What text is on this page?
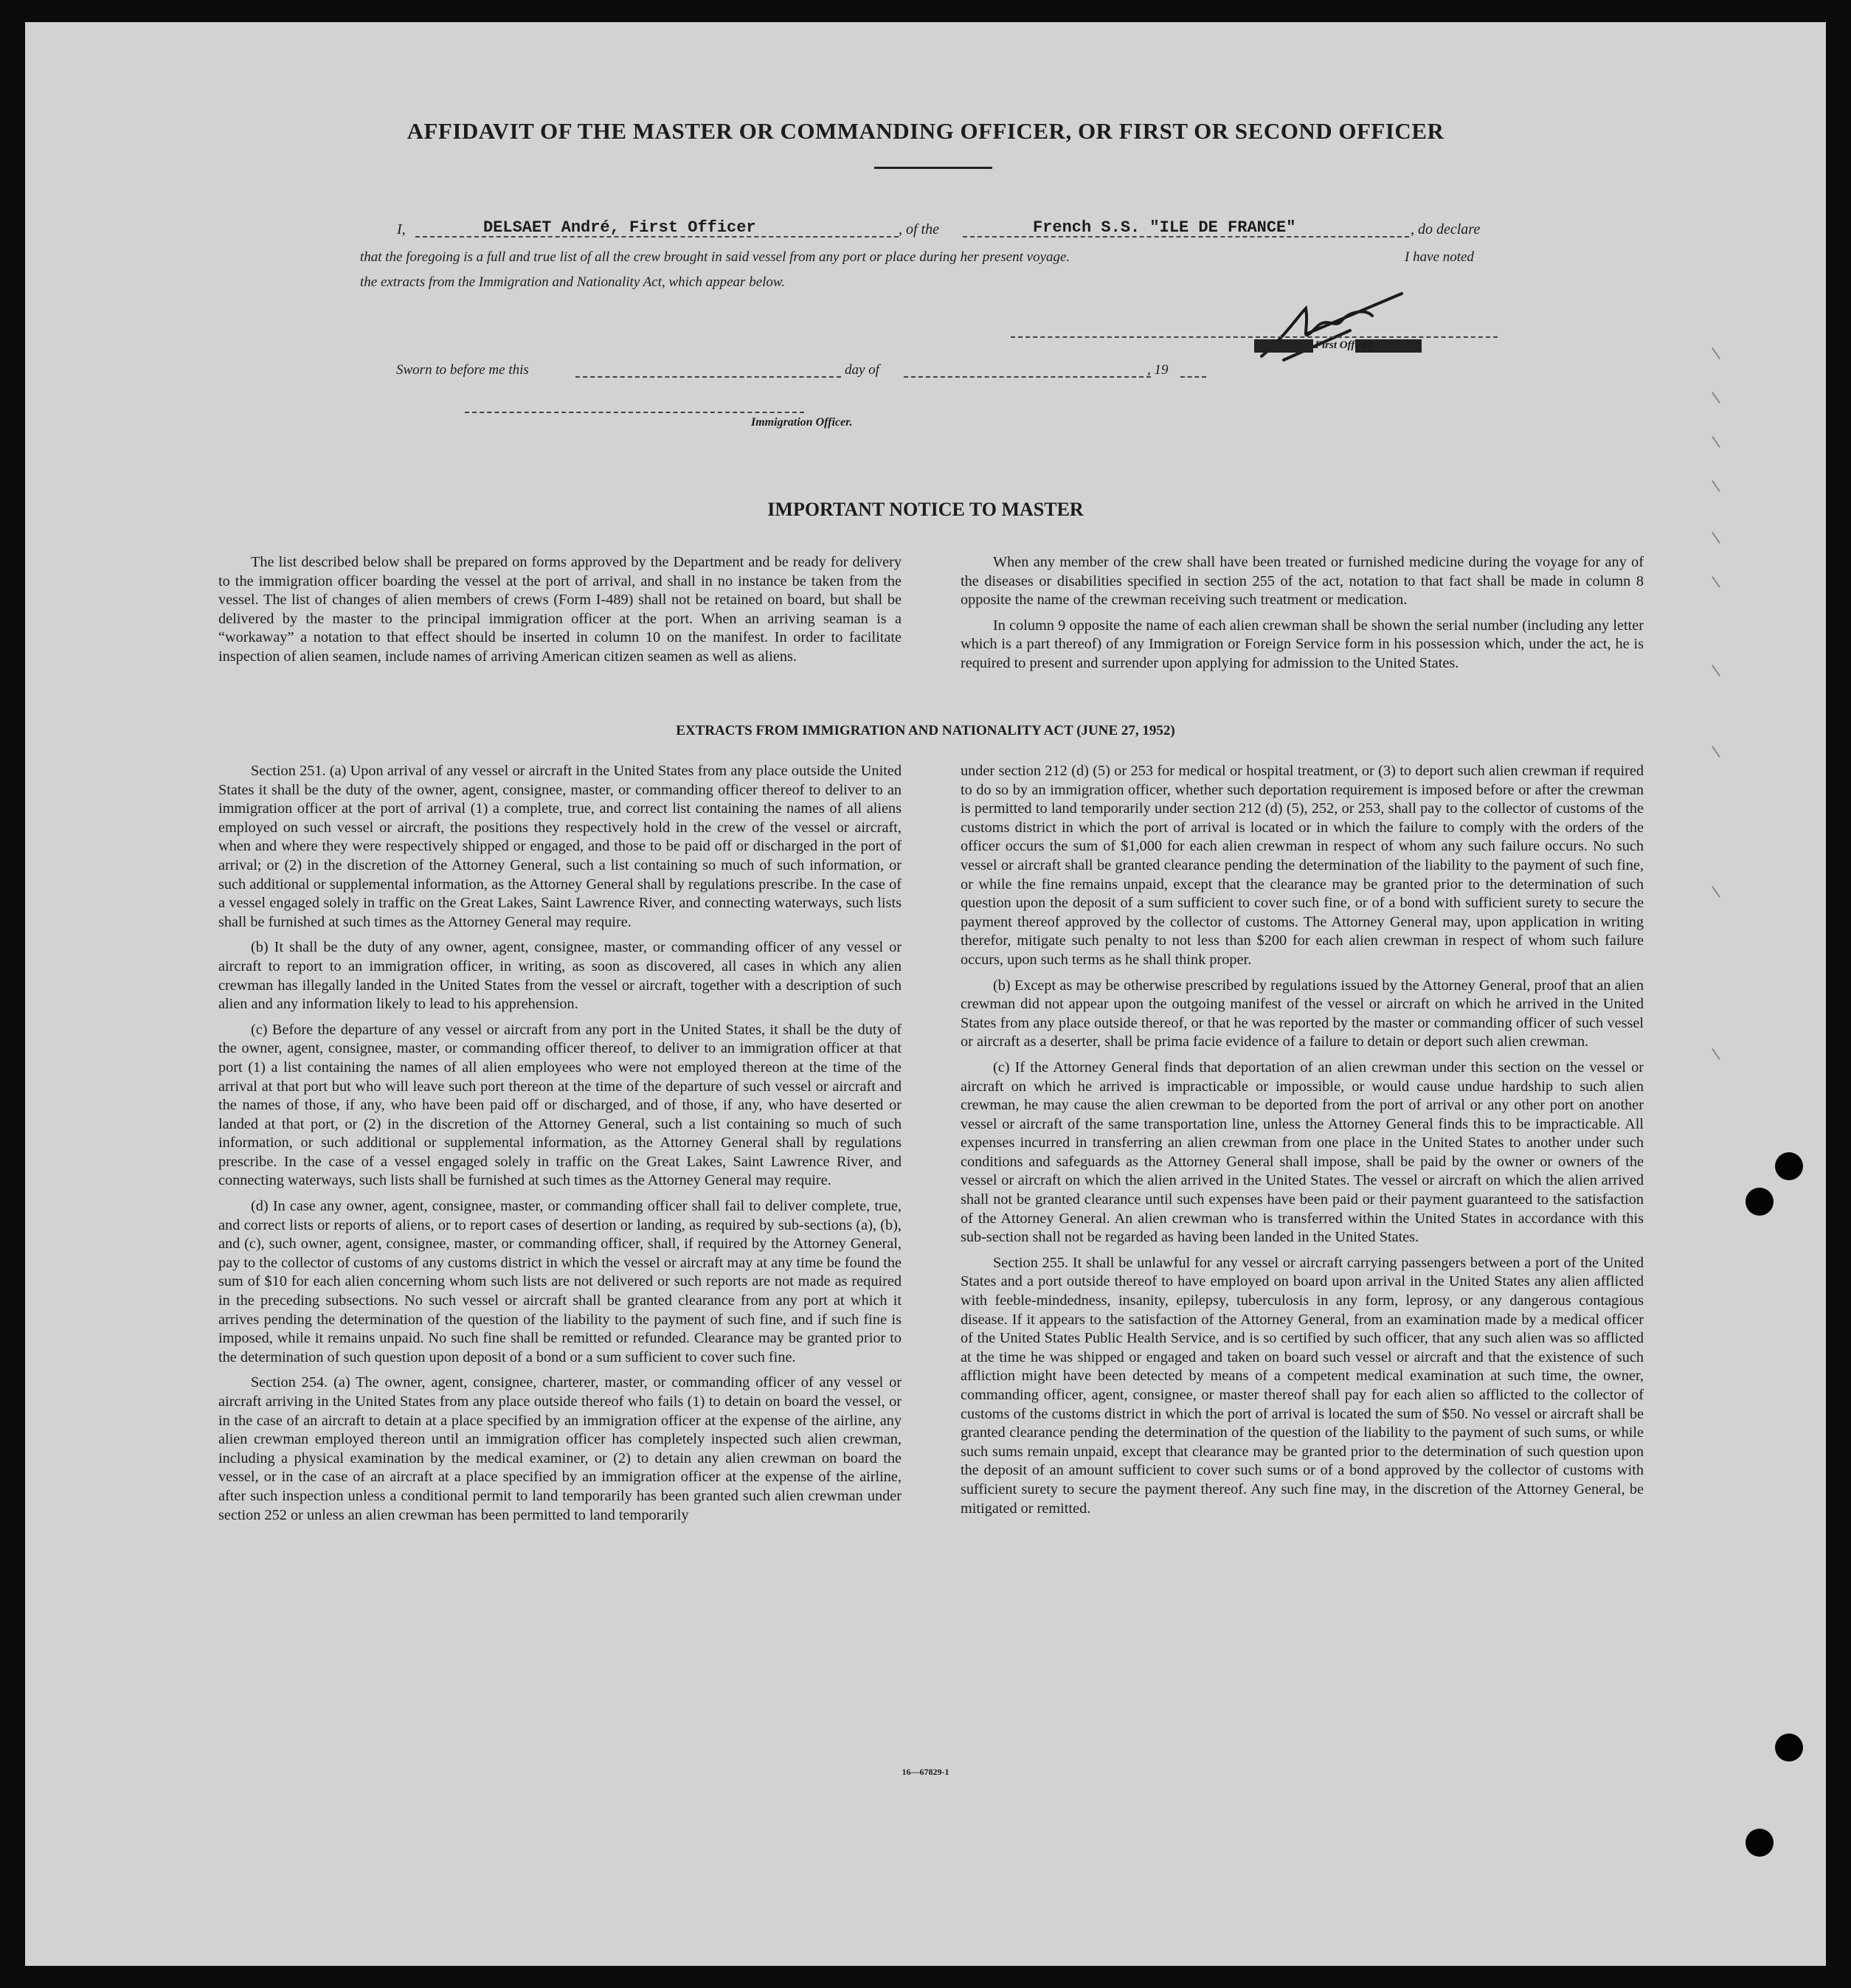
AFFIDAVIT OF THE MASTER OR COMMANDING OFFICER, OR FIRST OR SECOND OFFICER
I,	DELSAET André, First Officer	, of the	French S.S. "ILE DE FRANCE"	, do declare
that the foregoing is a full and true list of all the crew brought in said vessel from any port or place during her present voyage.	I have noted
the extracts from the Immigration and Nationality Act, which appear below.
First Officer.
Sworn to before me this	day of	, 19
Immigration Officer.
IMPORTANT NOTICE TO MASTER

The list described below shall be prepared on forms approved by the Department and be ready for delivery to the immigration officer boarding the vessel at the port of arrival, and shall in no instance be taken from the vessel. The list of changes of alien members of crews (Form I-489) shall not be retained on board, but shall be delivered by the master to the principal immigration officer at the port. When an arriving seaman is a “workaway” a notation to that effect should be inserted in column 10 on the manifest. In order to facilitate inspection of alien seamen, include names of arriving American citizen seamen as well as aliens.

When any member of the crew shall have been treated or furnished medicine during the voyage for any of the diseases or disabilities specified in section 255 of the act, notation to that fact shall be made in column 8 opposite the name of the crewman receiving such treatment or medication.

In column 9 opposite the name of each alien crewman shall be shown the serial number (including any letter which is a part thereof) of any Immigration or Foreign Service form in his possession which, under the act, he is required to present and surrender upon applying for admission to the United States.

EXTRACTS FROM IMMIGRATION AND NATIONALITY ACT (JUNE 27, 1952)

Section 251. (a) Upon arrival of any vessel or aircraft in the United States from any place outside the United States it shall be the duty of the owner, agent, consignee, master, or commanding officer thereof to deliver to an immigration officer at the port of arrival (1) a complete, true, and correct list containing the names of all aliens employed on such vessel or aircraft, the positions they respectively hold in the crew of the vessel or aircraft, when and where they were respectively shipped or engaged, and those to be paid off or discharged in the port of arrival; or (2) in the discretion of the Attorney General, such a list containing so much of such information, or such additional or supplemental information, as the Attorney General shall by regulations prescribe. In the case of a vessel engaged solely in traffic on the Great Lakes, Saint Lawrence River, and connecting waterways, such lists shall be furnished at such times as the Attorney General may require.

(b) It shall be the duty of any owner, agent, consignee, master, or commanding officer of any vessel or aircraft to report to an immigration officer, in writing, as soon as discovered, all cases in which any alien crewman has illegally landed in the United States from the vessel or aircraft, together with a description of such alien and any information likely to lead to his apprehension.

(c) Before the departure of any vessel or aircraft from any port in the United States, it shall be the duty of the owner, agent, consignee, master, or commanding officer thereof, to deliver to an immigration officer at that port (1) a list containing the names of all alien employees who were not employed thereon at the time of the arrival at that port but who will leave such port thereon at the time of the departure of such vessel or aircraft and the names of those, if any, who have been paid off or discharged, and of those, if any, who have deserted or landed at that port, or (2) in the discretion of the Attorney General, such a list containing so much of such information, or such additional or supplemental information, as the Attorney General shall by regulations prescribe. In the case of a vessel engaged solely in traffic on the Great Lakes, Saint Lawrence River, and connecting waterways, such lists shall be furnished at such times as the Attorney General may require.

(d) In case any owner, agent, consignee, master, or commanding officer shall fail to deliver complete, true, and correct lists or reports of aliens, or to report cases of desertion or landing, as required by sub-sections (a), (b), and (c), such owner, agent, consignee, master, or commanding officer, shall, if required by the Attorney General, pay to the collector of customs of any customs district in which the vessel or aircraft may at any time be found the sum of $10 for each alien concerning whom such lists are not delivered or such reports are not made as required in the preceding subsections. No such vessel or aircraft shall be granted clearance from any port at which it arrives pending the determination of the question of the liability to the payment of such fine, and if such fine is imposed, while it remains unpaid. No such fine shall be remitted or refunded. Clearance may be granted prior to the determination of such question upon deposit of a bond or a sum sufficient to cover such fine.

Section 254. (a) The owner, agent, consignee, charterer, master, or commanding officer of any vessel or aircraft arriving in the United States from any place outside thereof who fails (1) to detain on board the vessel, or in the case of an aircraft to detain at a place specified by an immigration officer at the expense of the airline, any alien crewman employed thereon until an immigration officer has completely inspected such alien crewman, including a physical examination by the medical examiner, or (2) to detain any alien crewman on board the vessel, or in the case of an aircraft at a place specified by an immigration officer at the expense of the airline, after such inspection unless a conditional permit to land temporarily has been granted such alien crewman under section 252 or unless an alien crewman has been permitted to land temporarily

under section 212 (d) (5) or 253 for medical or hospital treatment, or (3) to deport such alien crewman if required to do so by an immigration officer, whether such deportation requirement is imposed before or after the crewman is permitted to land temporarily under section 212 (d) (5), 252, or 253, shall pay to the collector of customs of the customs district in which the port of arrival is located or in which the failure to comply with the orders of the officer occurs the sum of $1,000 for each alien crewman in respect of whom any such failure occurs. No such vessel or aircraft shall be granted clearance pending the determination of the liability to the payment of such fine, or while the fine remains unpaid, except that the clearance may be granted prior to the determination of such question upon the deposit of a sum sufficient to cover such fine, or of a bond with sufficient surety to secure the payment thereof approved by the collector of customs. The Attorney General may, upon application in writing therefor, mitigate such penalty to not less than $200 for each alien crewman in respect of whom such failure occurs, upon such terms as he shall think proper.

(b) Except as may be otherwise prescribed by regulations issued by the Attorney General, proof that an alien crewman did not appear upon the outgoing manifest of the vessel or aircraft on which he arrived in the United States from any place outside thereof, or that he was reported by the master or commanding officer of such vessel or aircraft as a deserter, shall be prima facie evidence of a failure to detain or deport such alien crewman.

(c) If the Attorney General finds that deportation of an alien crewman under this section on the vessel or aircraft on which he arrived is impracticable or impossible, or would cause undue hardship to such alien crewman, he may cause the alien crewman to be deported from the port of arrival or any other port on another vessel or aircraft of the same transportation line, unless the Attorney General finds this to be impracticable. All expenses incurred in transferring an alien crewman from one place in the United States to another under such conditions and safeguards as the Attorney General shall impose, shall be paid by the owner or owners of the vessel or aircraft on which the alien arrived in the United States. The vessel or aircraft on which the alien arrived shall not be granted clearance until such expenses have been paid or their payment guaranteed to the satisfaction of the Attorney General. An alien crewman who is transferred within the United States in accordance with this sub-section shall not be regarded as having been landed in the United States.

Section 255. It shall be unlawful for any vessel or aircraft carrying passengers between a port of the United States and a port outside thereof to have employed on board upon arrival in the United States any alien afflicted with feeble-mindedness, insanity, epilepsy, tuberculosis in any form, leprosy, or any dangerous contagious disease. If it appears to the satisfaction of the Attorney General, from an examination made by a medical officer of the United States Public Health Service, and is so certified by such officer, that any such alien was so afflicted at the time he was shipped or engaged and taken on board such vessel or aircraft and that the existence of such affliction might have been detected by means of a competent medical examination at such time, the owner, commanding officer, agent, consignee, or master thereof shall pay for each alien so afflicted to the collector of customs of the customs district in which the port of arrival is located the sum of $50. No vessel or aircraft shall be granted clearance pending the determination of the question of the liability to the payment of such sums, or while such sums remain unpaid, except that clearance may be granted prior to the determination of such question upon the deposit of an amount sufficient to cover such sums or of a bond approved by the collector of customs with sufficient surety to secure the payment thereof. Any such fine may, in the discretion of the Attorney General, be mitigated or remitted.

16—67829-1
